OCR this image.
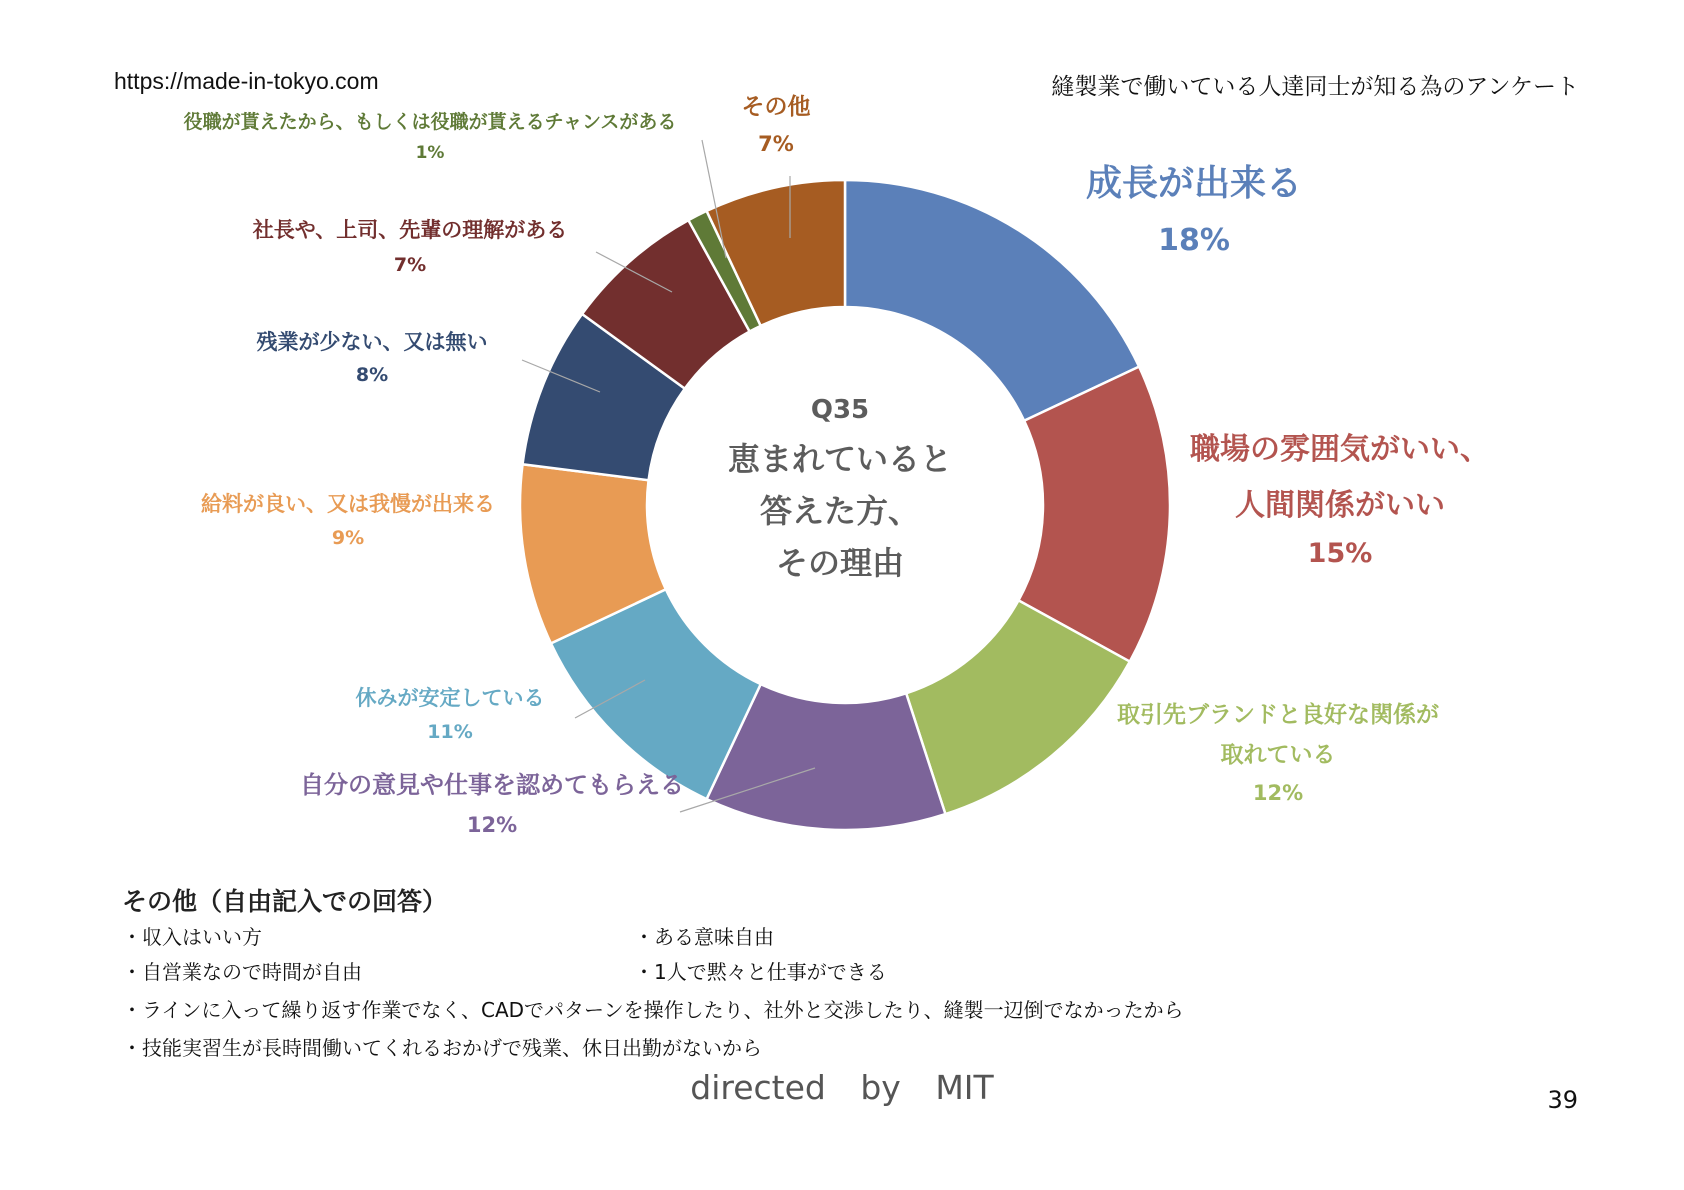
https://made-in-tokyo.com	縫製業で働いている人達同士が知る為のアンケート
成長が出来る
18%
職場の雰囲気がいい、
人間関係がいい
15%
取引先ブランドと良好な関係が
取れている
12%
自分の意見や仕事を認めてもらえる
12%
休みが安定している
11%
給料が良い、又は我慢が出来る
9%
残業が少ない、又は無い
8%
社長や、上司、先輩の理解がある
7%
役職が貰えたから、もしくは役職が貰えるチャンスがある
1%
その他
7%
Q35
恵まれていると
答えた方、
その理由
その他（自由記入での回答）
・収入はいい方	・ある意味自由
・自営業なので時間が自由	・1人で黙々と仕事ができる
・ラインに入って繰り返す作業でなく、CADでパターンを操作したり、社外と交渉したり、縫製一辺倒でなかったから
・技能実習生が長時間働いてくれるおかげで残業、休日出勤がないから
directed by MIT	39
